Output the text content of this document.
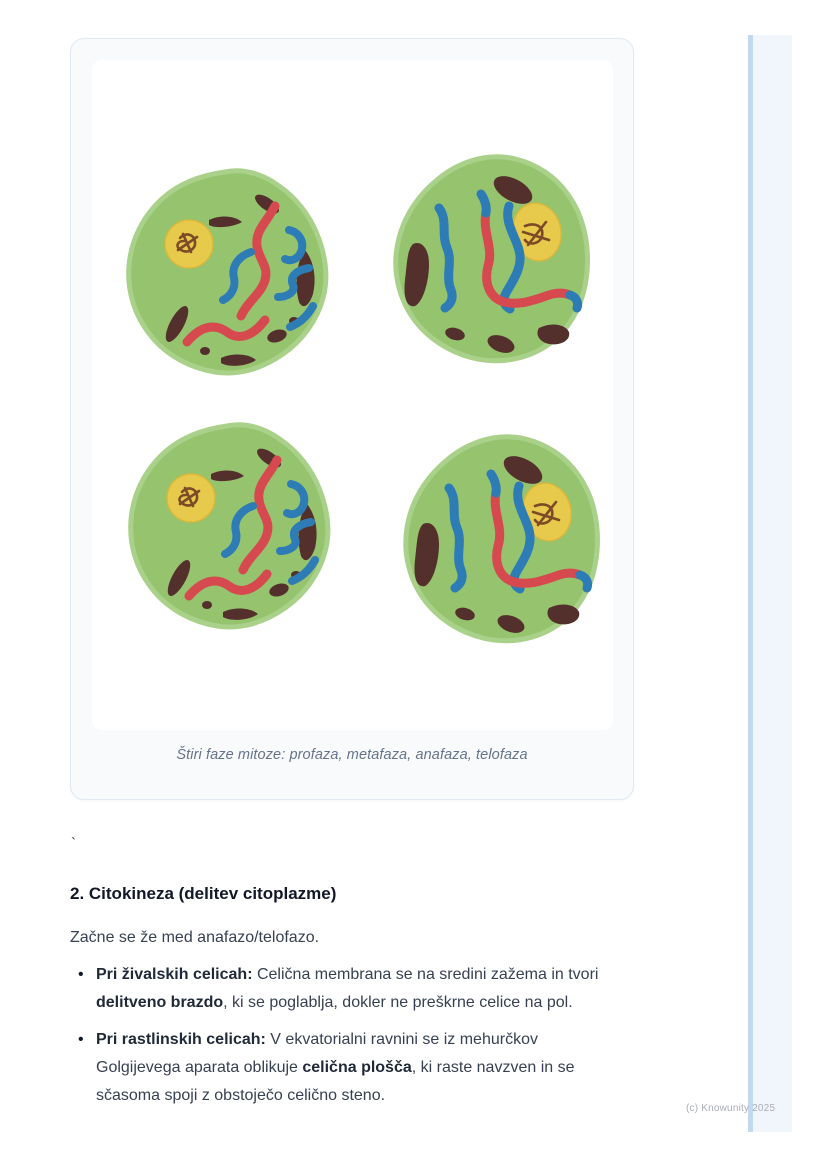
Štiri faze mitoze: profaza, metafaza, anafaza, telofaza
`
2. Citokineza (delitev citoplazme)

Začne se že med anafazo/telofazo.

• Pri živalskih celicah: Celična membrana se na sredini zažema in tvori delitveno brazdo, ki se poglablja, dokler ne preškrne celice na pol.
• Pri rastlinskih celicah: V ekvatorialni ravnini se iz mehurčkov Golgijevega aparata oblikuje celična plošča, ki raste navzven in se sčasoma spoji z obstoječo celično steno.
(c) Knowunity 2025
